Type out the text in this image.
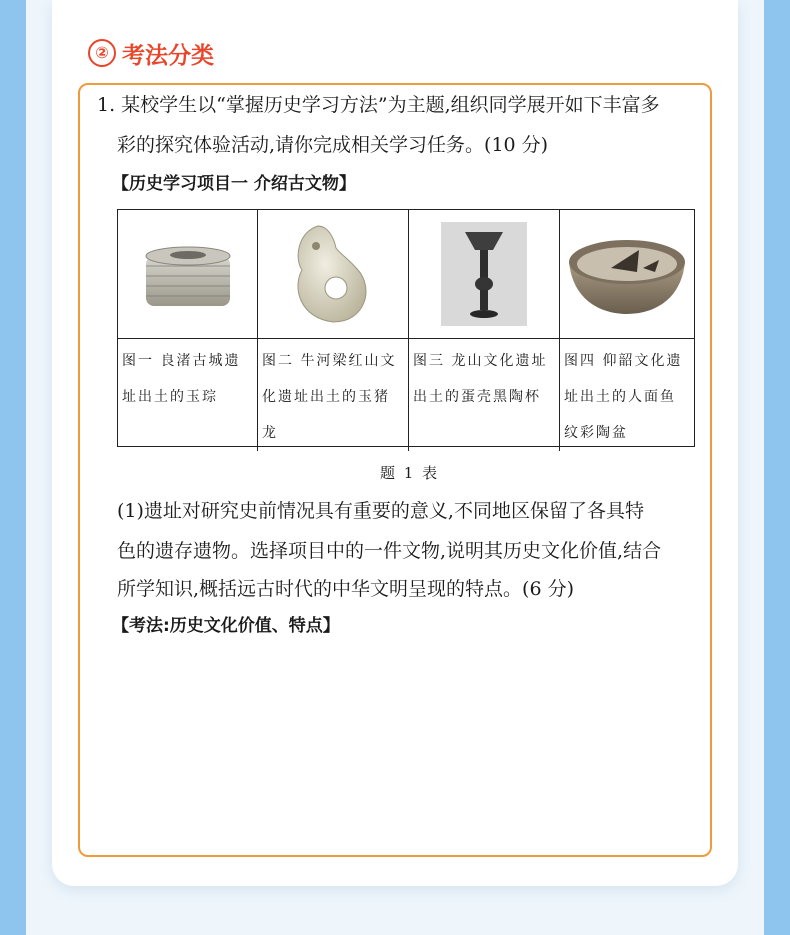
② 考法分类
1. 某校学生以“掌握历史学习方法”为主题,组织同学展开如下丰富多
彩的探究体验活动,请你完成相关学习任务。(10 分)
【历史学习项目一 介绍古文物】
图一 良渚古城遗址出土的玉琮
图二 牛河梁红山文化遗址出土的玉猪龙
图三 龙山文化遗址出土的蛋壳黑陶杯
图四 仰韶文化遗址出土的人面鱼纹彩陶盆
题 1 表
(1)遗址对研究史前情况具有重要的意义,不同地区保留了各具特
色的遗存遗物。选择项目中的一件文物,说明其历史文化价值,结合
所学知识,概括远古时代的中华文明呈现的特点。(6 分)
【考法:历史文化价值、特点】
